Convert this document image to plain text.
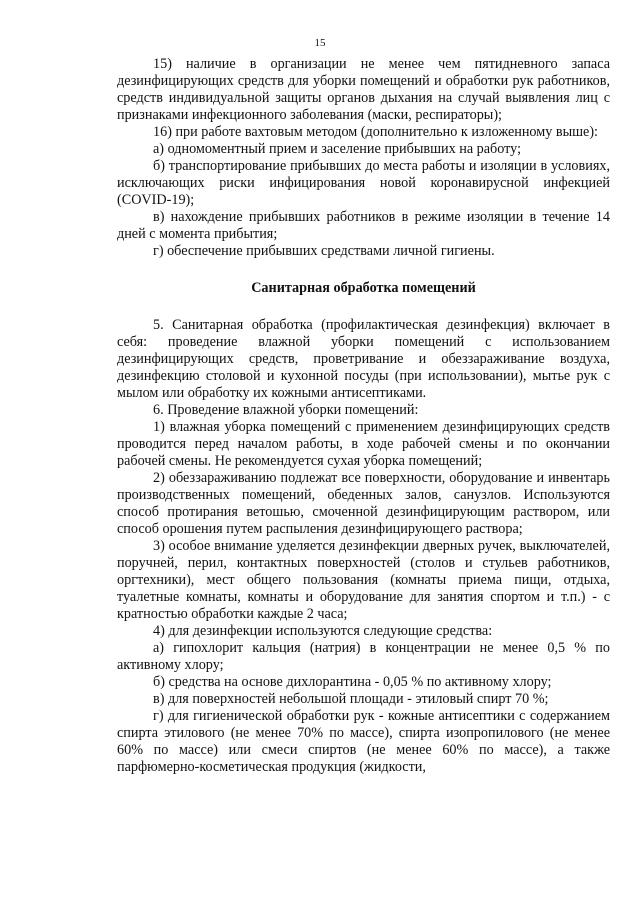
15

15) наличие в организации не менее чем пятидневного запаса дезинфицирующих средств для уборки помещений и обработки рук работников, средств индивидуальной защиты органов дыхания на случай выявления лиц с признаками инфекционного заболевания (маски, респираторы);

16) при работе вахтовым методом (дополнительно к изложенному выше):

а) одномоментный прием и заселение прибывших на работу;

б) транспортирование прибывших до места работы и изоляции в условиях, исключающих риски инфицирования новой коронавирусной инфекцией (COVID-19);

в) нахождение прибывших работников в режиме изоляции в течение 14 дней с момента прибытия;

г) обеспечение прибывших средствами личной гигиены.

Санитарная обработка помещений

5. Санитарная обработка (профилактическая дезинфекция) включает в себя: проведение влажной уборки помещений с использованием дезинфицирующих средств, проветривание и обеззараживание воздуха, дезинфекцию столовой и кухонной посуды (при использовании), мытье рук с мылом или обработку их кожными антисептиками.

6. Проведение влажной уборки помещений:

1) влажная уборка помещений с применением дезинфицирующих средств проводится перед началом работы, в ходе рабочей смены и по окончании рабочей смены. Не рекомендуется сухая уборка помещений;

2) обеззараживанию подлежат все поверхности, оборудование и инвентарь производственных помещений, обеденных залов, санузлов. Используются способ протирания ветошью, смоченной дезинфицирующим раствором, или способ орошения путем распыления дезинфицирующего раствора;

3) особое внимание уделяется дезинфекции дверных ручек, выключателей, поручней, перил, контактных поверхностей (столов и стульев работников, оргтехники), мест общего пользования (комнаты приема пищи, отдыха, туалетные комнаты, комнаты и оборудование для занятия спортом и т.п.) - с кратностью обработки каждые 2 часа;

4) для дезинфекции используются следующие средства:

а) гипохлорит кальция (натрия) в концентрации не менее 0,5 % по активному хлору;

б) средства на основе дихлорантина - 0,05 % по активному хлору;

в) для поверхностей небольшой площади - этиловый спирт 70 %;

г) для гигиенической обработки рук - кожные антисептики с содержанием спирта этилового (не менее 70% по массе), спирта изопропилового (не менее 60% по массе) или смеси спиртов (не менее 60% по массе), а также парфюмерно-косметическая продукция (жидкости,
